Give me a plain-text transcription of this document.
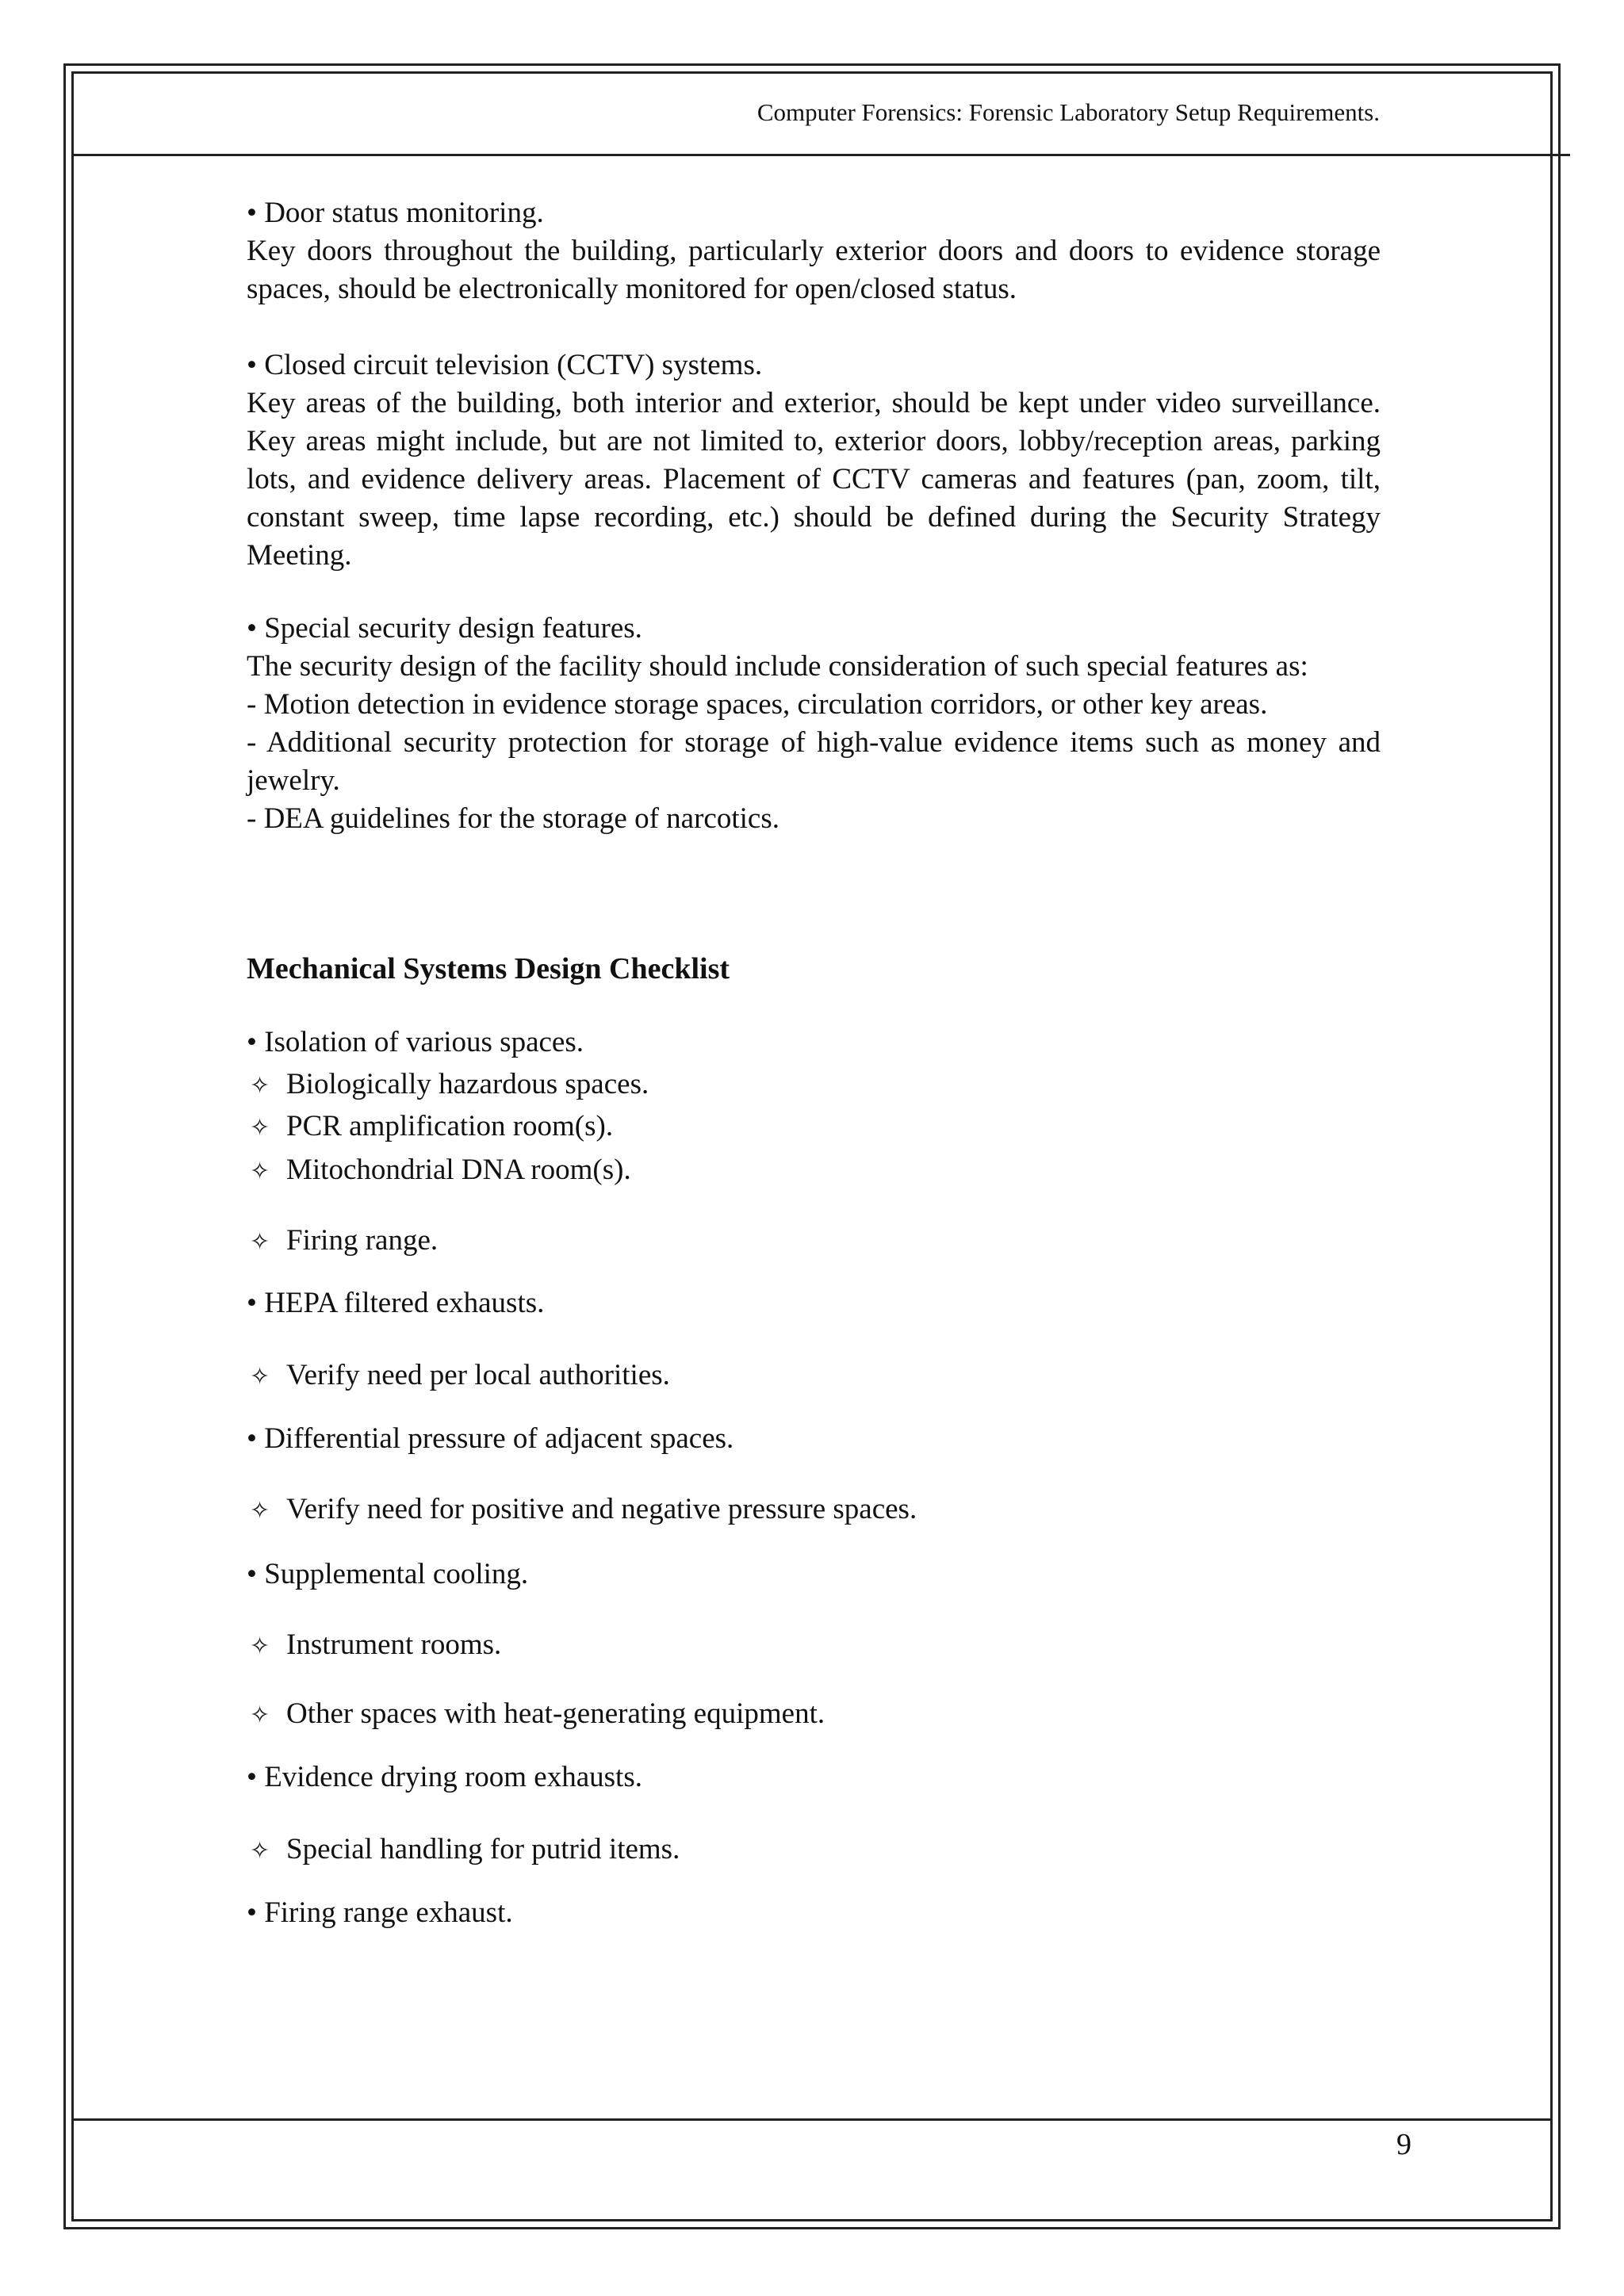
Computer Forensics: Forensic Laboratory Setup Requirements.

• Door status monitoring.

Key doors throughout the building, particularly exterior doors and doors to evidence storage spaces, should be electronically monitored for open/closed status.

• Closed circuit television (CCTV) systems.

Key areas of the building, both interior and exterior, should be kept under video surveillance. Key areas might include, but are not limited to, exterior doors, lobby/reception areas, parking lots, and evidence delivery areas. Placement of CCTV cameras and features (pan, zoom, tilt, constant sweep, time lapse recording, etc.) should be defined during the Security Strategy Meeting.

• Special security design features.

The security design of the facility should include consideration of such special features as:

- Motion detection in evidence storage spaces, circulation corridors, or other key areas.

- Additional security protection for storage of high-value evidence items such as money and jewelry.

- DEA guidelines for the storage of narcotics.

Mechanical Systems Design Checklist
• Isolation of various spaces.
✧ Biologically hazardous spaces.
✧ PCR amplification room(s).
✧ Mitochondrial DNA room(s).
✧ Firing range.
• HEPA filtered exhausts.
✧ Verify need per local authorities.
• Differential pressure of adjacent spaces.
✧ Verify need for positive and negative pressure spaces.
• Supplemental cooling.
✧ Instrument rooms.
✧ Other spaces with heat-generating equipment.
• Evidence drying room exhausts.
✧ Special handling for putrid items.
• Firing range exhaust.
9
